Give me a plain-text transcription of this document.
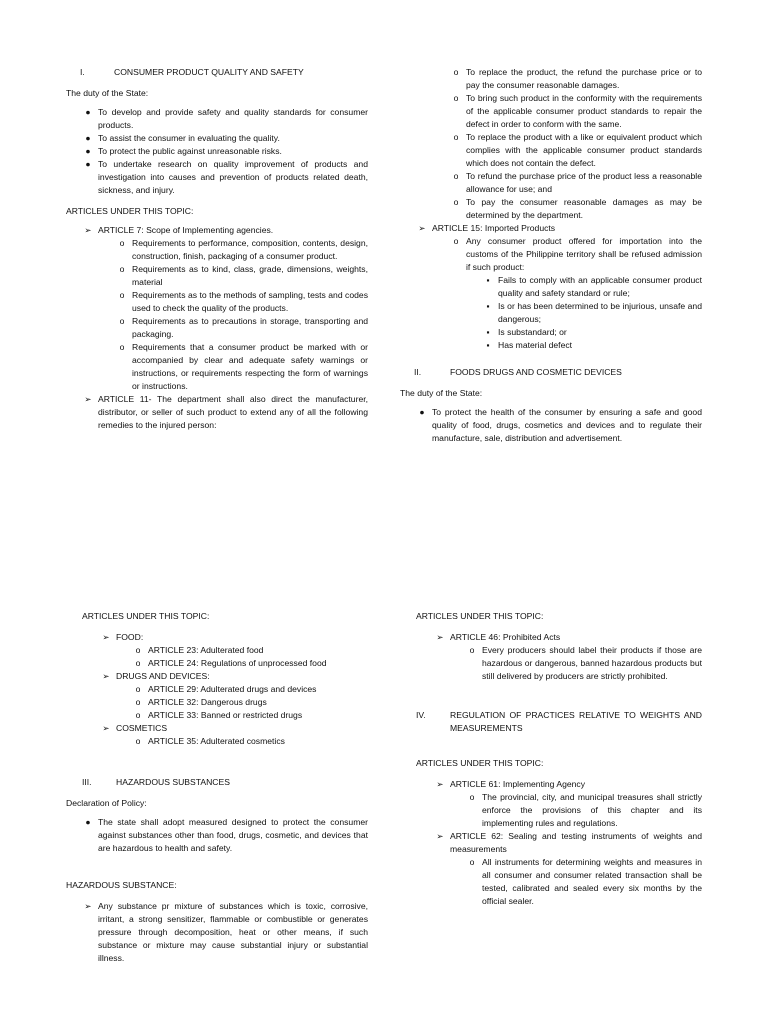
I.	CONSUMER PRODUCT QUALITY AND SAFETY

The duty of the State:

● To develop and provide safety and quality standards for consumer products.
● To assist the consumer in evaluating the quality.
● To protect the public against unreasonable risks.
● To undertake research on quality improvement of products and investigation into causes and prevention of products related death, sickness, and injury.

ARTICLES UNDER THIS TOPIC:

➢ ARTICLE 7: Scope of Implementing agencies.
o Requirements to performance, composition, contents, design, construction, finish, packaging of a consumer product.
o Requirements as to kind, class, grade, dimensions, weights, material
o Requirements as to the methods of sampling, tests and codes used to check the quality of the products.
o Requirements as to precautions in storage, transporting and packaging.
o Requirements that a consumer product be marked with or accompanied by clear and adequate safety warnings or instructions, or requirements respecting the form of warnings or instructions.
➢ ARTICLE 11- The department shall also direct the manufacturer, distributor, or seller of such product to extend any of all the following remedies to the injured person:
o To replace the product, the refund the purchase price or to pay the consumer reasonable damages.
o To bring such product in the conformity with the requirements of the applicable consumer product standards to repair the defect in order to conform with the same.
o To replace the product with a like or equivalent product which complies with the applicable consumer product standards which does not contain the defect.
o To refund the purchase price of the product less a reasonable allowance for use; and
o To pay the consumer reasonable damages as may be determined by the department.
➢ ARTICLE 15: Imported Products
o Any consumer product offered for importation into the customs of the Philippine territory shall be refused admission if such product:
▪ Fails to comply with an applicable consumer product quality and safety standard or rule;
▪ Is or has been determined to be injurious, unsafe and dangerous;
▪ Is substandard; or
▪ Has material defect
II.	FOODS DRUGS AND COSMETIC DEVICES

The duty of the State:

● To protect the health of the consumer by ensuring a safe and good quality of food, drugs, cosmetics and devices and to regulate their manufacture, sale, distribution and advertisement.

ARTICLES UNDER THIS TOPIC:

➢ FOOD:
o ARTICLE 23: Adulterated food
o ARTICLE 24: Regulations of unprocessed food
➢ DRUGS AND DEVICES:
o ARTICLE 29: Adulterated drugs and devices
o ARTICLE 32: Dangerous drugs
o ARTICLE 33: Banned or restricted drugs
➢ COSMETICS
o ARTICLE 35: Adulterated cosmetics
III.	HAZARDOUS SUBSTANCES

Declaration of Policy:

● The state shall adopt measured designed to protect the consumer against substances other than food, drugs, cosmetic, and devices that are hazardous to health and safety.

HAZARDOUS SUBSTANCE:

➢ Any substance pr mixture of substances which is toxic, corrosive, irritant, a strong sensitizer, flammable or combustible or generates pressure through decomposition, heat or other means, if such substance or mixture may cause substantial injury or substantial illness.

ARTICLES UNDER THIS TOPIC:

➢ ARTICLE 46: Prohibited Acts
o Every producers should label their products if those are hazardous or dangerous, banned hazardous products but still delivered by producers are strictly prohibited.
IV.	REGULATION OF PRACTICES RELATIVE TO WEIGHTS AND MEASUREMENTS

ARTICLES UNDER THIS TOPIC:

➢ ARTICLE 61: Implementing Agency
o The provincial, city, and municipal treasures shall strictly enforce the provisions of this chapter and its implementing rules and regulations.
➢ ARTICLE 62: Sealing and testing instruments of weights and measurements
o All instruments for determining weights and measures in all consumer and consumer related transaction shall be tested, calibrated and sealed every six months by the official sealer.
